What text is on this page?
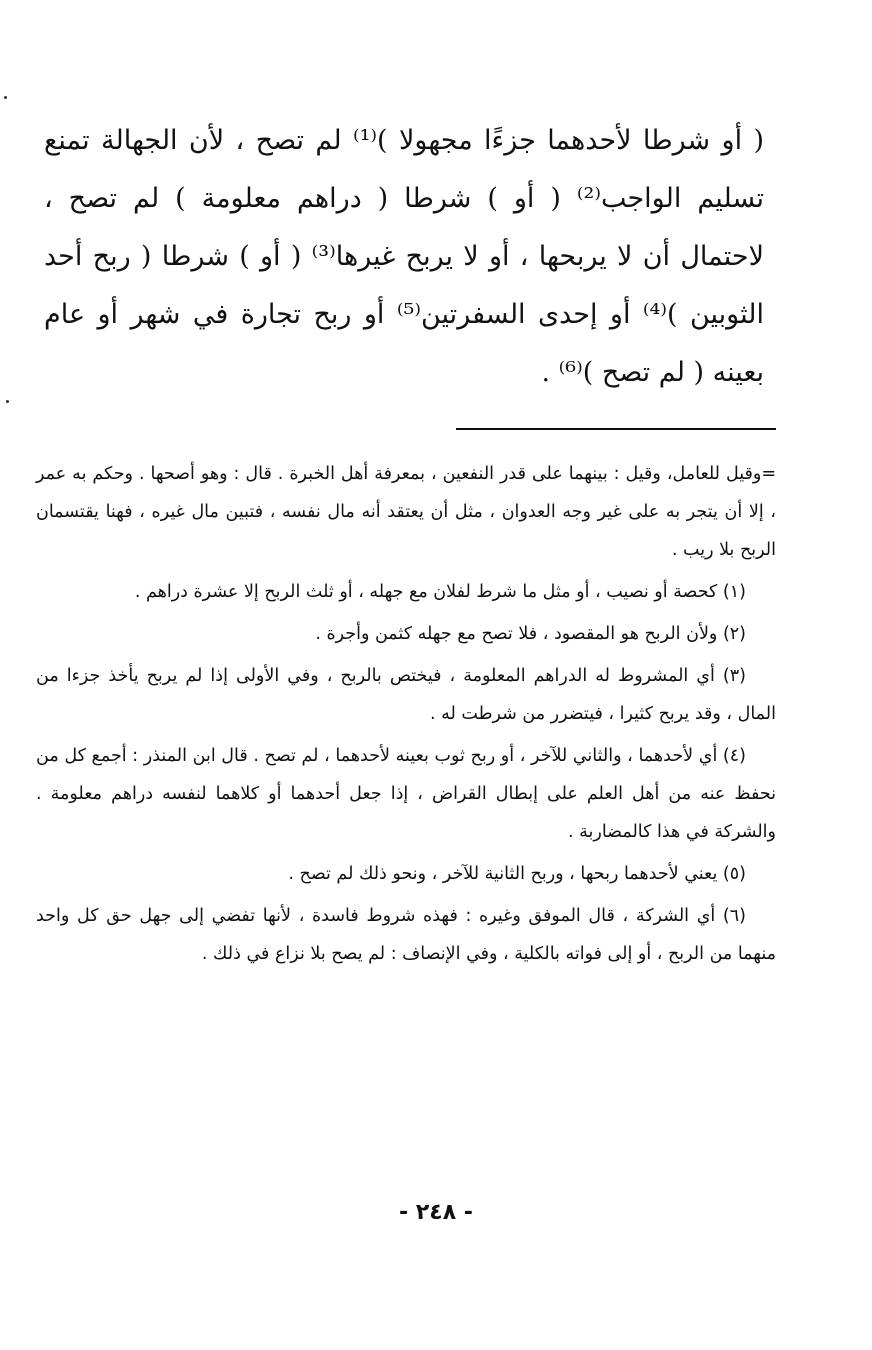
( أو شرطا لأحدهما جزءًا مجهولا )⁽¹⁾ لم تصح ، لأن الجهالة تمنع تسليم الواجب⁽²⁾ ( أو ) شرطا ( دراهم معلومة ) لم تصح ، لاحتمال أن لا يربحها ، أو لا يربح غيرها⁽³⁾ ( أو ) شرطا ( ربح أحد الثوبين )⁽⁴⁾ أو إحدى السفرتين⁽⁵⁾ أو ربح تجارة في شهر أو عام بعينه ( لم تصح )⁽⁶⁾ .

=وقيل للعامل، وقيل : بينهما على قدر النفعين ، بمعرفة أهل الخبرة . قال : وهو أصحها . وحكم به عمر ، إلا أن يتجر به على غير وجه العدوان ، مثل أن يعتقد أنه مال نفسه ، فتبين مال غيره ، فهنا يقتسمان الربح بلا ريب .

(١) كحصة أو نصيب ، أو مثل ما شرط لفلان مع جهله ، أو ثلث الربح إلا عشرة دراهم .

(٢) ولأن الربح هو المقصود ، فلا تصح مع جهله كثمن وأجرة .

(٣) أي المشروط له الدراهم المعلومة ، فيختص بالربح ، وفي الأولى إذا لم يربح يأخذ جزءا من المال ، وقد يربح كثيرا ، فيتضرر من شرطت له .

(٤) أي لأحدهما ، والثاني للآخر ، أو ربح ثوب بعينه لأحدهما ، لم تصح . قال ابن المنذر : أجمع كل من نحفظ عنه من أهل العلم على إبطال القراض ، إذا جعل أحدهما أو كلاهما لنفسه دراهم معلومة . والشركة في هذا كالمضاربة .

(٥) يعني لأحدهما ربحها ، وربح الثانية للآخر ، ونحو ذلك لم تصح .

(٦) أي الشركة ، قال الموفق وغيره : فهذه شروط فاسدة ، لأنها تفضي إلى جهل حق كل واحد منهما من الربح ، أو إلى فواته بالكلية ، وفي الإنصاف : لم يصح بلا نزاع في ذلك .

- ٢٤٨ -
